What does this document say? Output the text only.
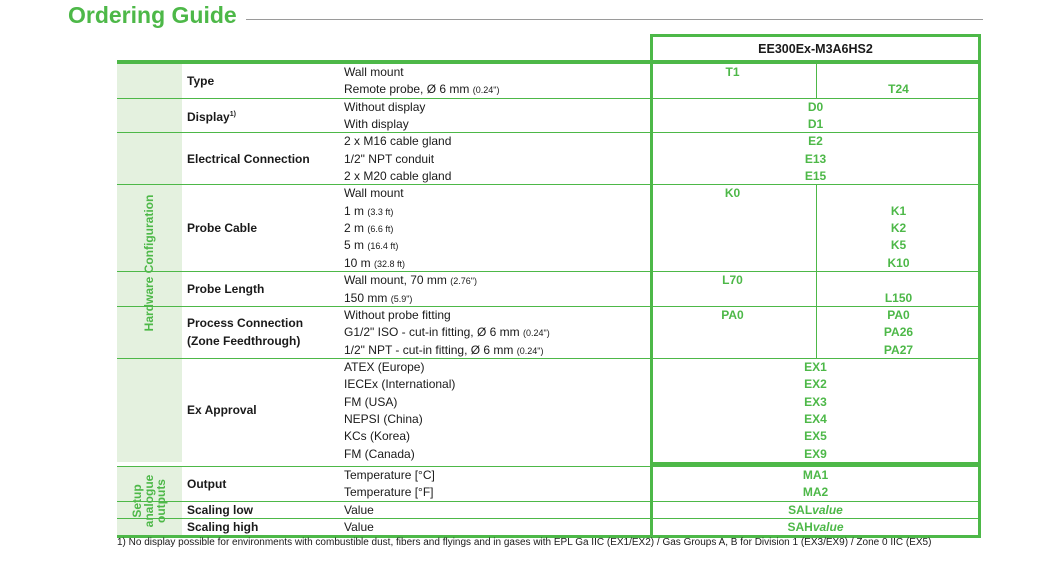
Ordering Guide
EE300Ex-M3A6HS2
Hardware Configuration
Type
Wall mount	T1
Remote probe, Ø 6 mm (0.24")	T24
Display$^{1)}$
Without display	D0
With display	D1
Electrical Connection
2 x M16 cable gland	E2
1/2" NPT conduit	E13
2 x M20 cable gland	E15
Probe Cable
Wall mount	K0
1 m (3.3 ft)	K1
2 m (6.6 ft)	K2
5 m (16.4 ft)	K5
10 m (32.8 ft)	K10
Probe Length
Wall mount, 70 mm (2.76")	L70
150 mm (5.9")	L150
Process Connection (Zone Feedthrough)
Without probe fitting	PA0	PA0
G1/2" ISO - cut-in fitting, Ø 6 mm (0.24")	PA26
1/2" NPT - cut-in fitting, Ø 6 mm (0.24")	PA27
Ex Approval
ATEX (Europe)	EX1
IECEx (International)	EX2
FM (USA)	EX3
NEPSI (China)	EX4
KCs (Korea)	EX5
FM (Canada)	EX9
Setup
analogue
outputs Output
Temperature [°C]	MA1
Temperature [°F]	MA2
Scaling low	Value	SALvalue
Scaling high	Value	SAHvalue
1) No display possible for environments with combustible dust, fibers and flyings and in gases with EPL Ga IIC (EX1/EX2) / Gas Groups A, B for Division 1 (EX3/EX9) / Zone 0 IIC (EX5)
